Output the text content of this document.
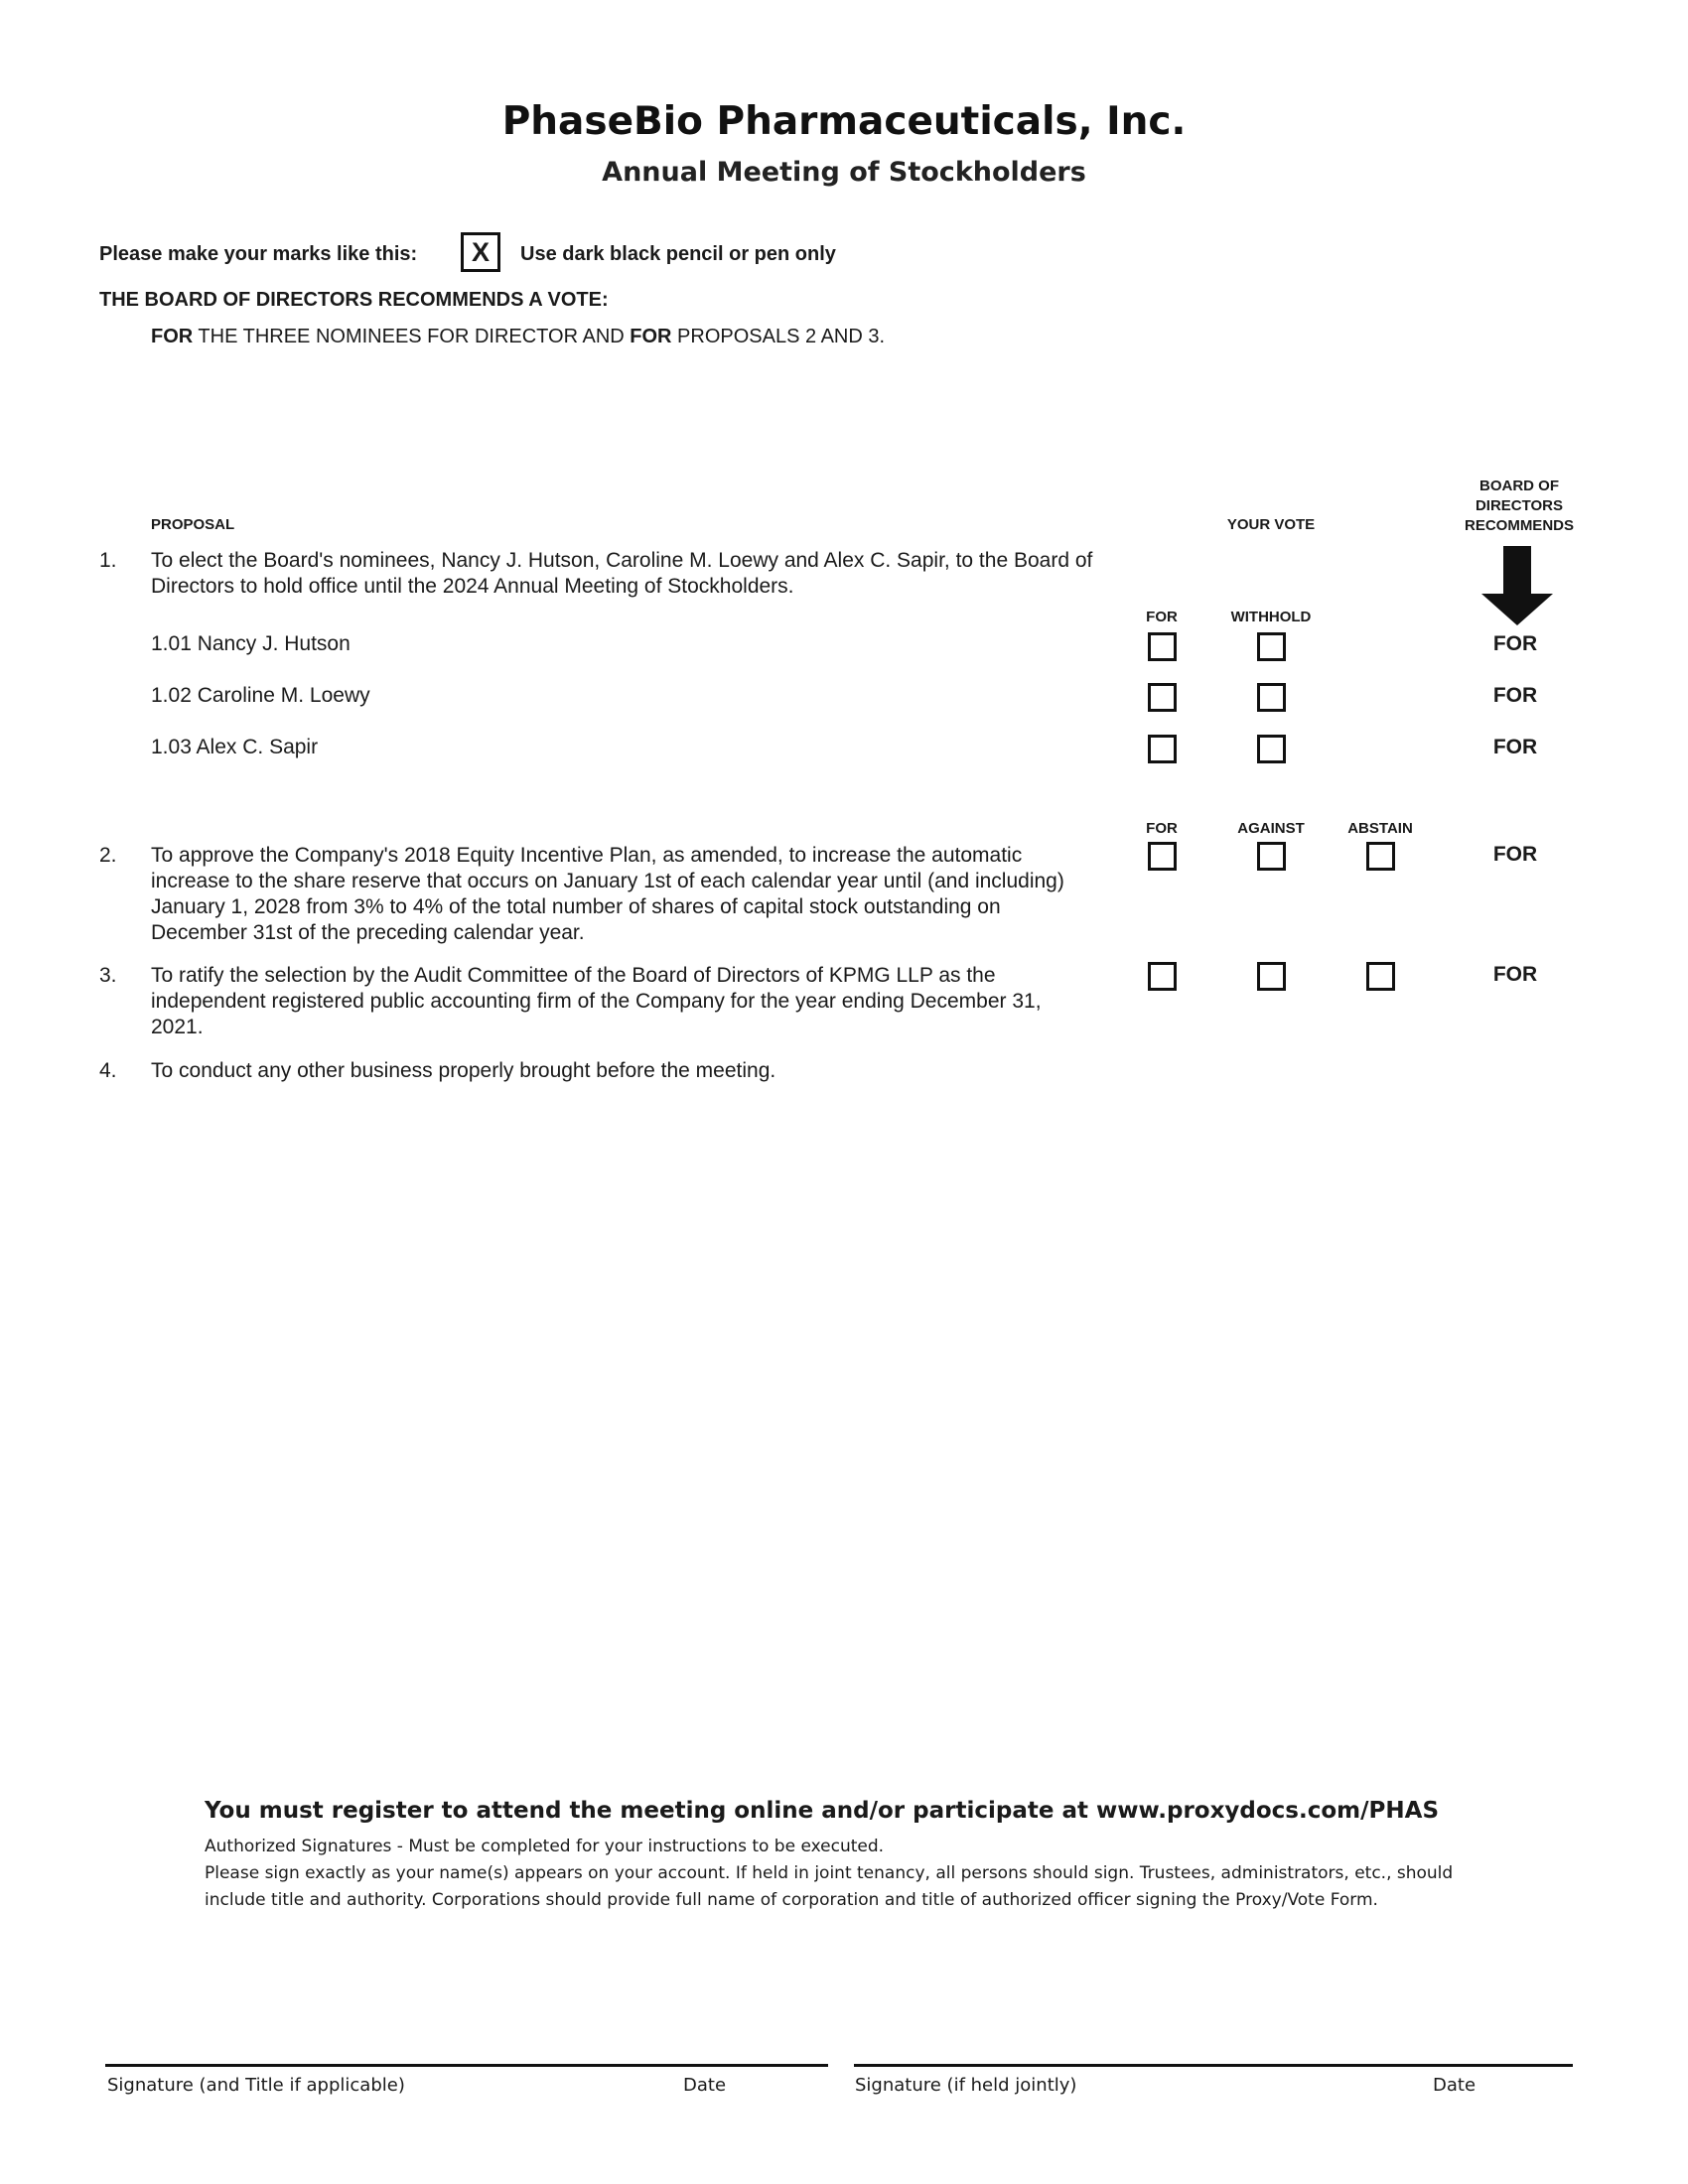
PhaseBio Pharmaceuticals, Inc.
Annual Meeting of Stockholders
Please make your marks like this:	X	Use dark black pencil or pen only
THE BOARD OF DIRECTORS RECOMMENDS A VOTE:
FOR THE THREE NOMINEES FOR DIRECTOR AND FOR PROPOSALS 2 AND 3.
PROPOSAL	YOUR VOTE
BOARD OF
DIRECTORS
RECOMMENDS
1. To elect the Board's nominees, Nancy J. Hutson, Caroline M. Loewy and Alex C. Sapir, to the Board of Directors to hold office until the 2024 Annual Meeting of Stockholders.
FOR	WITHHOLD
1.01 Nancy J. Hutson	FOR
1.02 Caroline M. Loewy	FOR
1.03 Alex C. Sapir	FOR
FOR	AGAINST	ABSTAIN
2. To approve the Company's 2018 Equity Incentive Plan, as amended, to increase the automatic increase to the share reserve that occurs on January 1st of each calendar year until (and including) January 1, 2028 from 3% to 4% of the total number of shares of capital stock outstanding on December 31st of the preceding calendar year.
FOR
3. To ratify the selection by the Audit Committee of the Board of Directors of KPMG LLP as the independent registered public accounting firm of the Company for the year ending December 31, 2021.
FOR
4. To conduct any other business properly brought before the meeting.
You must register to attend the meeting online and/or participate at www.proxydocs.com/PHAS
Authorized Signatures - Must be completed for your instructions to be executed.
Please sign exactly as your name(s) appears on your account. If held in joint tenancy, all persons should sign. Trustees, administrators, etc., should include title and authority. Corporations should provide full name of corporation and title of authorized officer signing the Proxy/Vote Form.
Signature (and Title if applicable)	Date	Signature (if held jointly)	Date
